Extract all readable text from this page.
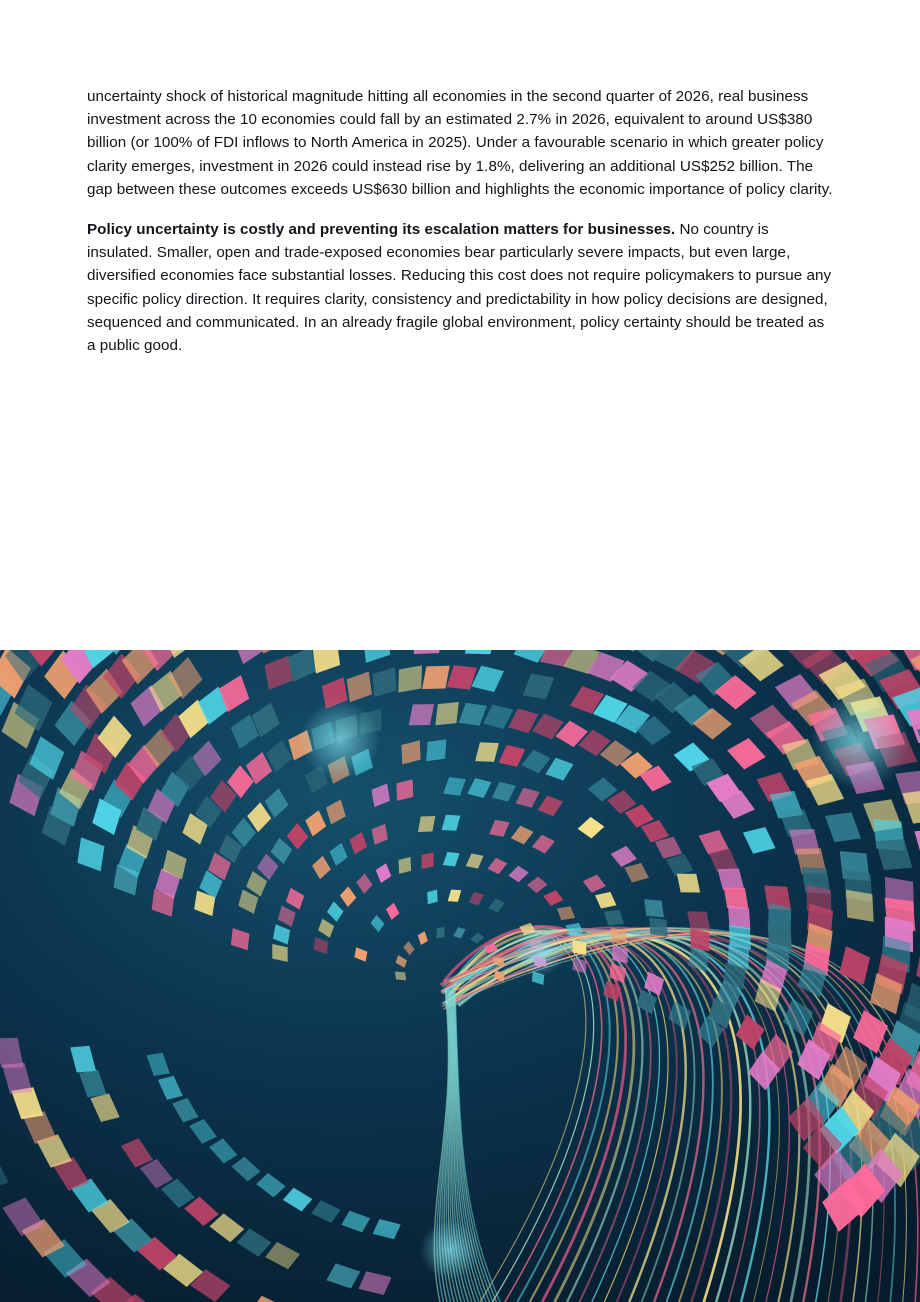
uncertainty shock of historical magnitude hitting all economies in the second quarter of 2026, real business investment across the 10 economies could fall by an estimated 2.7% in 2026, equivalent to around US$380 billion (or 100% of FDI inflows to North America in 2025). Under a favourable scenario in which greater policy clarity emerges, investment in 2026 could instead rise by 1.8%, delivering an additional US$252 billion. The gap between these outcomes exceeds US$630 billion and highlights the economic importance of policy clarity.

Policy uncertainty is costly and preventing its escalation matters for businesses. No country is insulated. Smaller, open and trade-exposed economies bear particularly severe impacts, but even large, diversified economies face substantial losses. Reducing this cost does not require policymakers to pursue any specific policy direction. It requires clarity, consistency and predictability in how policy decisions are designed, sequenced and communicated. In an already fragile global environment, policy certainty should be treated as a public good.
